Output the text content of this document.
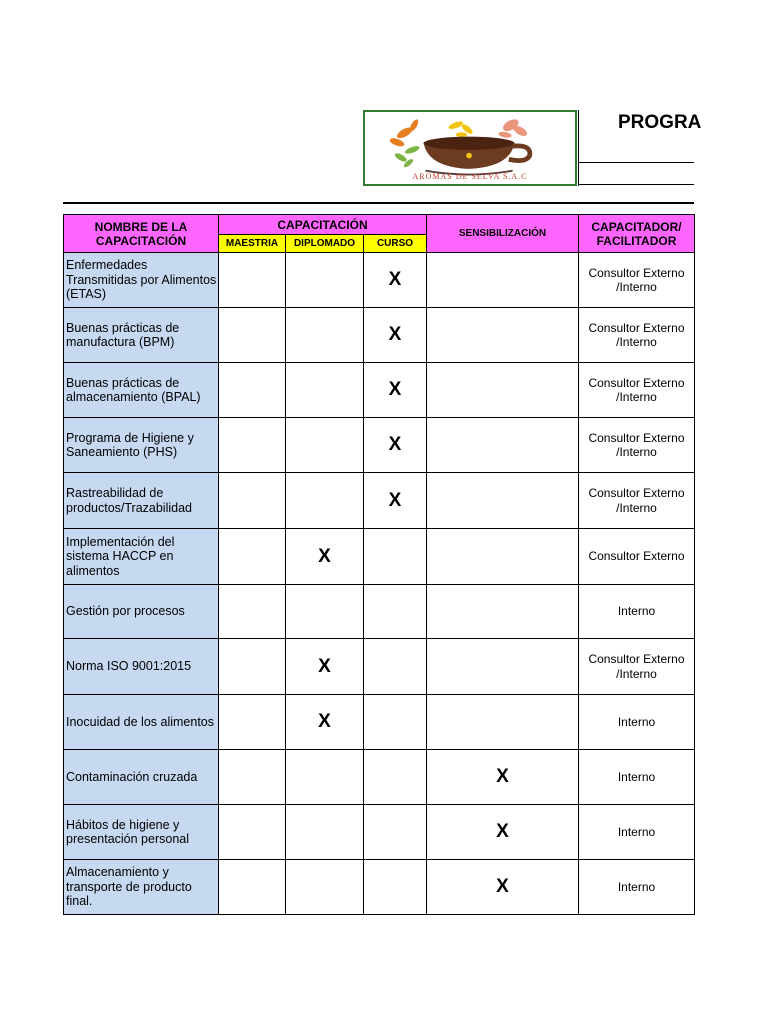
AROMAS DE SELVA S.A.C
PROGRA
NOMBRE DE LA CAPACITACIÓN	CAPACITACIÓN			SENSIBILIZACIÓN	CAPACITADOR/ FACILITADOR
	MAESTRIA	DIPLOMADO	CURSO		
Enfermedades Transmitidas por Alimentos (ETAS)			X		Consultor Externo /Interno
Buenas prácticas de manufactura (BPM)			X		Consultor Externo /Interno
Buenas prácticas de almacenamiento (BPAL)			X		Consultor Externo /Interno
Programa de Higiene y Saneamiento (PHS)			X		Consultor Externo /Interno
Rastreabilidad de productos/Trazabilidad			X		Consultor Externo /Interno
Implementación del sistema HACCP en alimentos		X			Consultor Externo
Gestión por procesos					Interno
Norma ISO 9001:2015		X			Consultor Externo /Interno
Inocuidad de los alimentos		X			Interno
Contaminación cruzada				X	Interno
Hábitos de higiene y presentación personal				X	Interno
Almacenamiento y transporte de producto final.				X	Interno
